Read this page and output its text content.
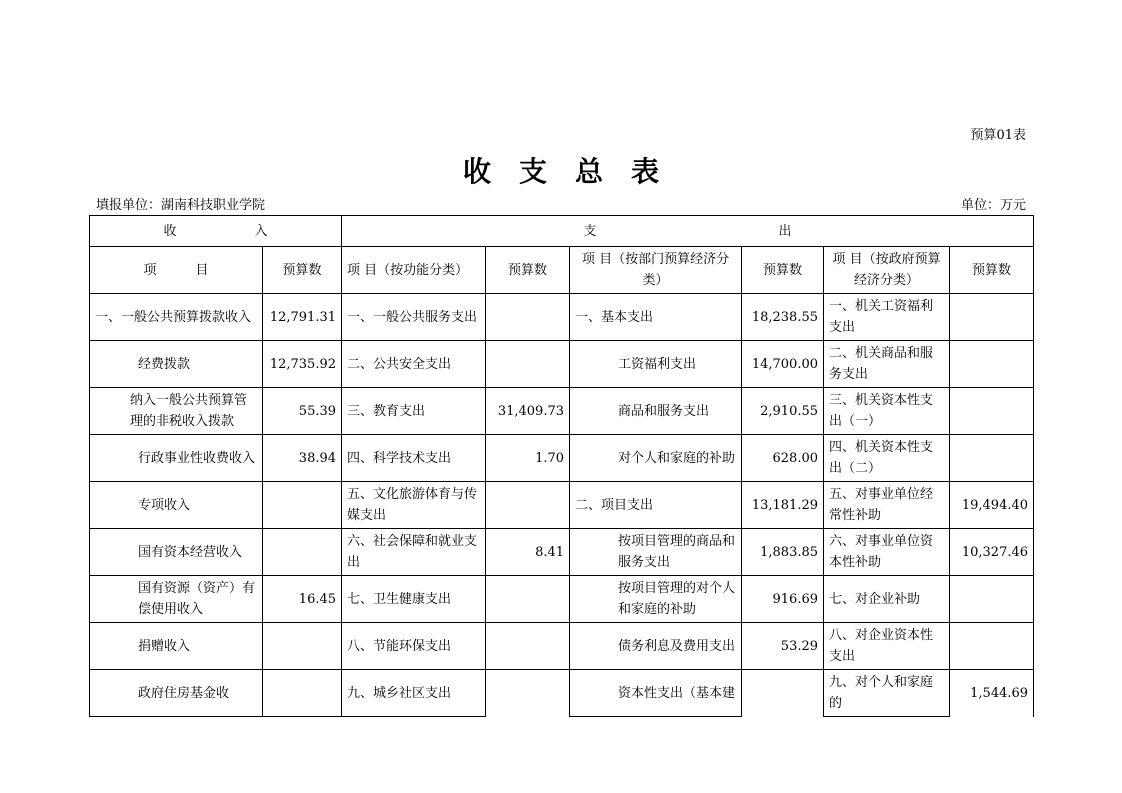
预算01表
收支总表
填报单位：湖南科技职业学院	单位：万元
收　　　　　　入		支　　　　　　　　　　　　　　出					
项　　　目	预算数	项 目（按功能分类）	预算数	项 目（按部门预算经济分类）	预算数	项 目（按政府预算经济分类）	预算数
一、一般公共预算拨款收入	12,791.31	一、一般公共服务支出		一、基本支出	18,238.55	一、机关工资福利支出	
经费拨款	12,735.92	二、公共安全支出		工资福利支出	14,700.00	二、机关商品和服务支出	
纳入一般公共预算管理的非税收入拨款	55.39	三、教育支出	31,409.73	商品和服务支出	2,910.55	三、机关资本性支出（一）	
行政事业性收费收入	38.94	四、科学技术支出	1.70	对个人和家庭的补助	628.00	四、机关资本性支出（二）	
专项收入		五、文化旅游体育与传媒支出		二、项目支出	13,181.29	五、对事业单位经常性补助	19,494.40
国有资本经营收入		六、社会保障和就业支出	8.41	按项目管理的商品和服务支出	1,883.85	六、对事业单位资本性补助	10,327.46
国有资源（资产）有偿使用收入	16.45	七、卫生健康支出		按项目管理的对个人和家庭的补助	916.69	七、对企业补助	
捐赠收入		八、节能环保支出		债务利息及费用支出	53.29	八、对企业资本性支出	
政府住房基金收		九、城乡社区支出		资本性支出（基本建		九、对个人和家庭的	1,544.69
